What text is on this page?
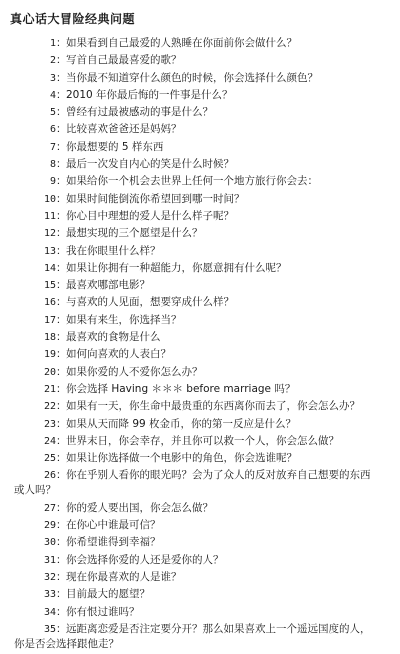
真心话大冒险经典问题
1 ： 如果看到自己最爱的人熟睡在你面前你会做什么？
2 ： 写首自己最最喜爱的歌？
3 ： 当你最不知道穿什么颜色的时候，你会选择什么颜色？
4 ： 2010 年你最后悔的一件事是什么？
5 ： 曾经有过最被感动的事是什么？
6 ： 比较喜欢爸爸还是妈妈？
7 ： 你最想要的 5 样东西
8 ： 最后一次发自内心的笑是什么时候？
9 ： 如果给你一个机会去世界上任何一个地方旅行你会去：
10 ： 如果时间能倒流你希望回到哪一时间？
11 ： 你心目中理想的爱人是什么样子呢？
12 ： 最想实现的三个愿望是什么？
13 ： 我在你眼里什么样？
14 ： 如果让你拥有一种超能力，你愿意拥有什么呢？
15 ： 最喜欢哪部电影？
16 ： 与喜欢的人见面，想要穿成什么样？
17 ： 如果有来生，你选择当？
18 ： 最喜欢的食物是什么
19 ： 如何向喜欢的人表白？
20 ： 如果你爱的人不爱你怎么办？
21 ： 你会选择 Having ＊＊＊ before marriage 吗？
22 ： 如果有一天，你生命中最贵重的东西离你而去了，你会怎么办？
23 ： 如果从天而降 99 枚金币，你的第一反应是什么？
24 ： 世界末日，你会幸存，并且你可以救一个人，你会怎么做？
25 ： 如果让你选择做一个电影中的角色，你会选谁呢？
26 ： 你在乎别人看你的眼光吗？会为了众人的反对放弃自己想要的东西
或人吗？
27 ： 你的爱人要出国，你会怎么做？
29 ： 在你心中谁最可信？
30 ： 你希望谁得到幸福？
31 ： 你会选择你爱的人还是爱你的人？
32 ： 现在你最喜欢的人是谁？
33 ： 目前最大的愿望？
34 ： 你有恨过谁吗？
35 ： 远距离恋爱是否注定要分开？那么如果喜欢上一个遥远国度的人，
你是否会选择跟他走？
